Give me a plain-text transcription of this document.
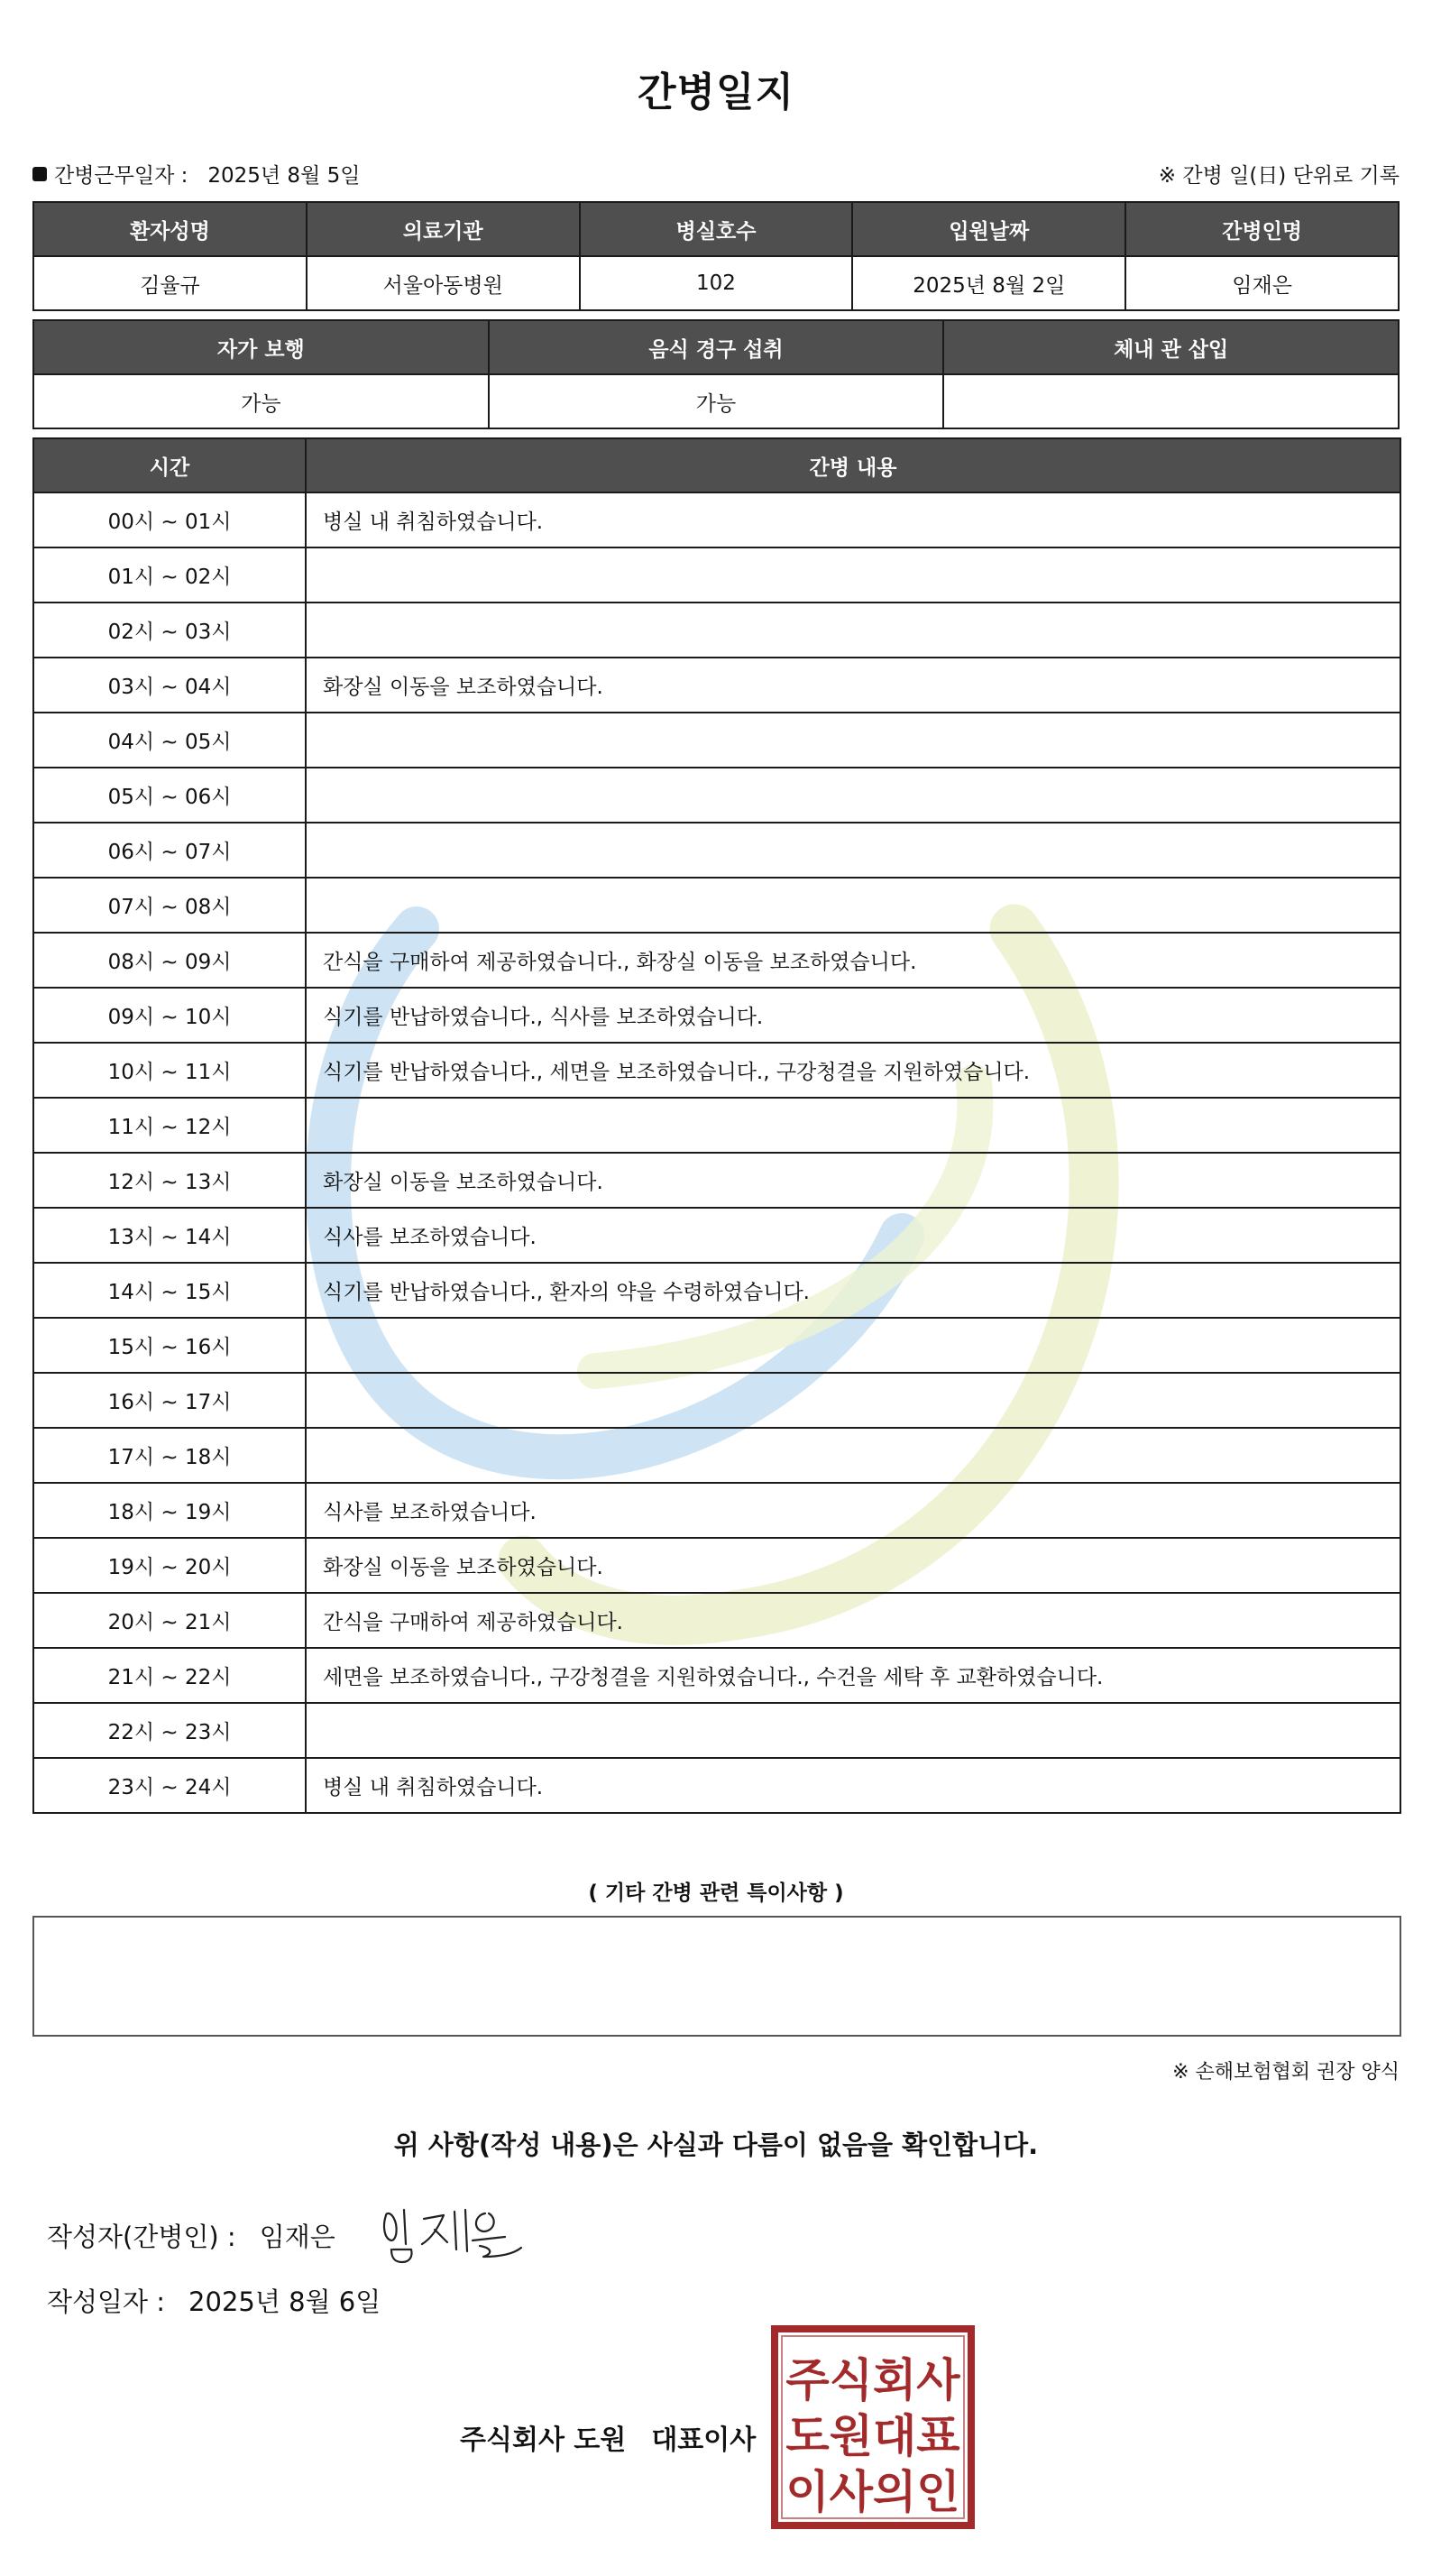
간병일지
간병근무일자 : 2025년 8월 5일	※ 간병 일(日) 단위로 기록
환자성명	의료기관	병실호수	입원날짜	간병인명
김율규	서울아동병원	102	2025년 8월 2일	임재은
자가 보행	음식 경구 섭취	체내 관 삽입
가능	가능	
시간	간병 내용
00시 ~ 01시	병실 내 취침하였습니다.
01시 ~ 02시	
02시 ~ 03시	
03시 ~ 04시	화장실 이동을 보조하였습니다.
04시 ~ 05시	
05시 ~ 06시	
06시 ~ 07시	
07시 ~ 08시	
08시 ~ 09시	간식을 구매하여 제공하였습니다., 화장실 이동을 보조하였습니다.
09시 ~ 10시	식기를 반납하였습니다., 식사를 보조하였습니다.
10시 ~ 11시	식기를 반납하였습니다., 세면을 보조하였습니다., 구강청결을 지원하였습니다.
11시 ~ 12시	
12시 ~ 13시	화장실 이동을 보조하였습니다.
13시 ~ 14시	식사를 보조하였습니다.
14시 ~ 15시	식기를 반납하였습니다., 환자의 약을 수령하였습니다.
15시 ~ 16시	
16시 ~ 17시	
17시 ~ 18시	
18시 ~ 19시	식사를 보조하였습니다.
19시 ~ 20시	화장실 이동을 보조하였습니다.
20시 ~ 21시	간식을 구매하여 제공하였습니다.
21시 ~ 22시	세면을 보조하였습니다., 구강청결을 지원하였습니다., 수건을 세탁 후 교환하였습니다.
22시 ~ 23시	
23시 ~ 24시	병실 내 취침하였습니다.
( 기타 간병 관련 특이사항 )
※ 손해보험협회 권장 양식
위 사항(작성 내용)은 사실과 다름이 없음을 확인합니다.
작성자(간병인) : 임재은
작성일자 : 2025년 8월 6일
주식회사 도원 대표이사
주식회사
도원대표
이사의인
